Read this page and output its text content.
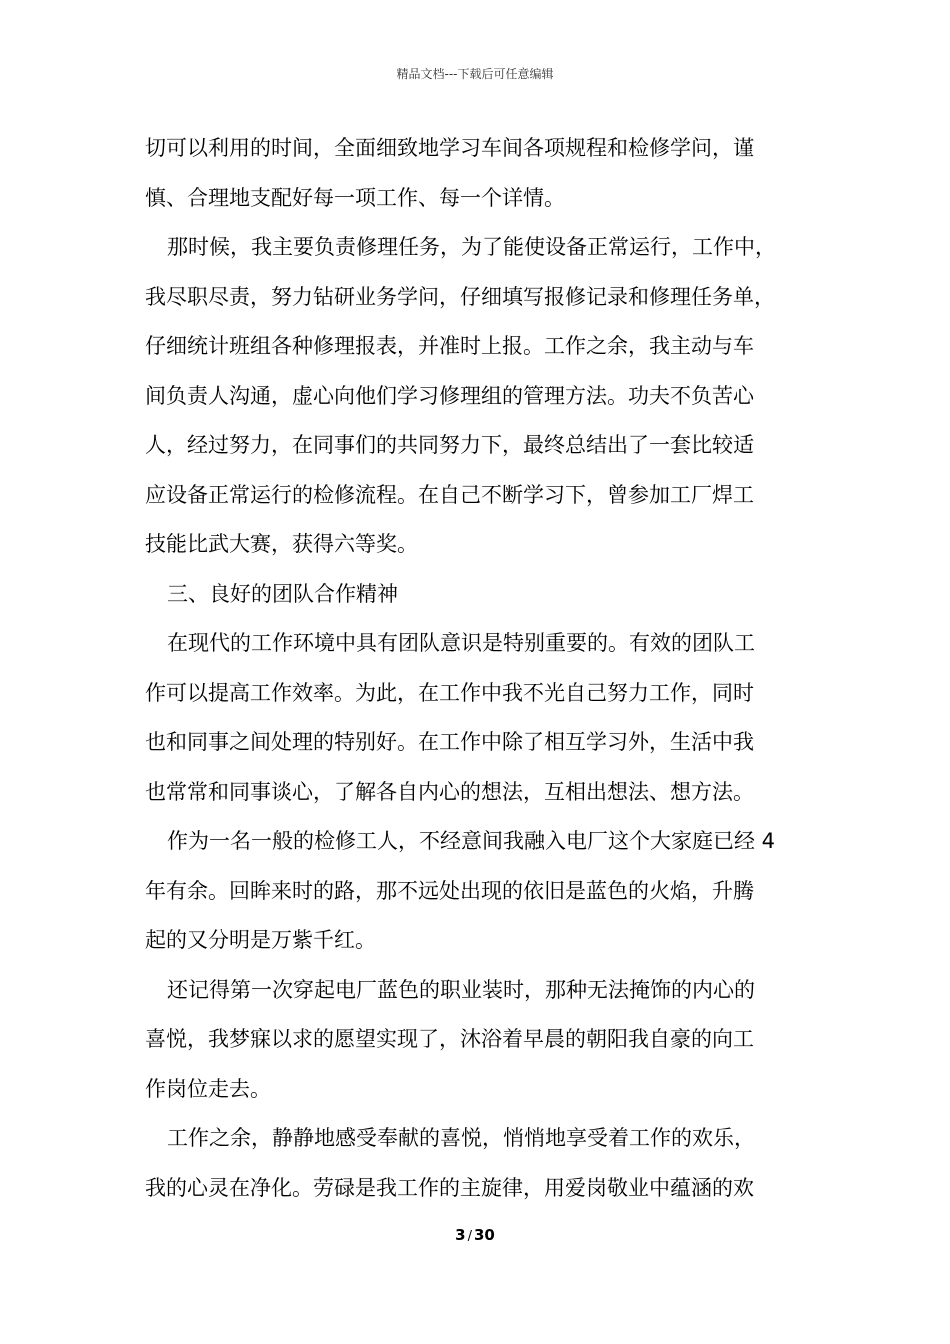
精品文档---下载后可任意编辑
切可以利用的时间，全面细致地学习车间各项规程和检修学问，谨
慎、合理地支配好每一项工作、每一个详情。
那时候，我主要负责修理任务，为了能使设备正常运行，工作中，
我尽职尽责，努力钻研业务学问，仔细填写报修记录和修理任务单，
仔细统计班组各种修理报表，并准时上报。工作之余，我主动与车
间负责人沟通，虚心向他们学习修理组的管理方法。功夫不负苦心
人，经过努力，在同事们的共同努力下，最终总结出了一套比较适
应设备正常运行的检修流程。在自己不断学习下，曾参加工厂焊工
技能比武大赛，获得六等奖。
三、良好的团队合作精神
在现代的工作环境中具有团队意识是特别重要的。有效的团队工
作可以提高工作效率。为此，在工作中我不光自己努力工作，同时
也和同事之间处理的特别好。在工作中除了相互学习外，生活中我
也常常和同事谈心，了解各自内心的想法，互相出想法、想方法。
作为一名一般的检修工人，不经意间我融入电厂这个大家庭已经 4
年有余。回眸来时的路，那不远处出现的依旧是蓝色的火焰，升腾
起的又分明是万紫千红。
还记得第一次穿起电厂蓝色的职业装时，那种无法掩饰的内心的
喜悦，我梦寐以求的愿望实现了，沐浴着早晨的朝阳我自豪的向工
作岗位走去。
工作之余，静静地感受奉献的喜悦，悄悄地享受着工作的欢乐，
我的心灵在净化。劳碌是我工作的主旋律，用爱岗敬业中蕴涵的欢
3 / 30
